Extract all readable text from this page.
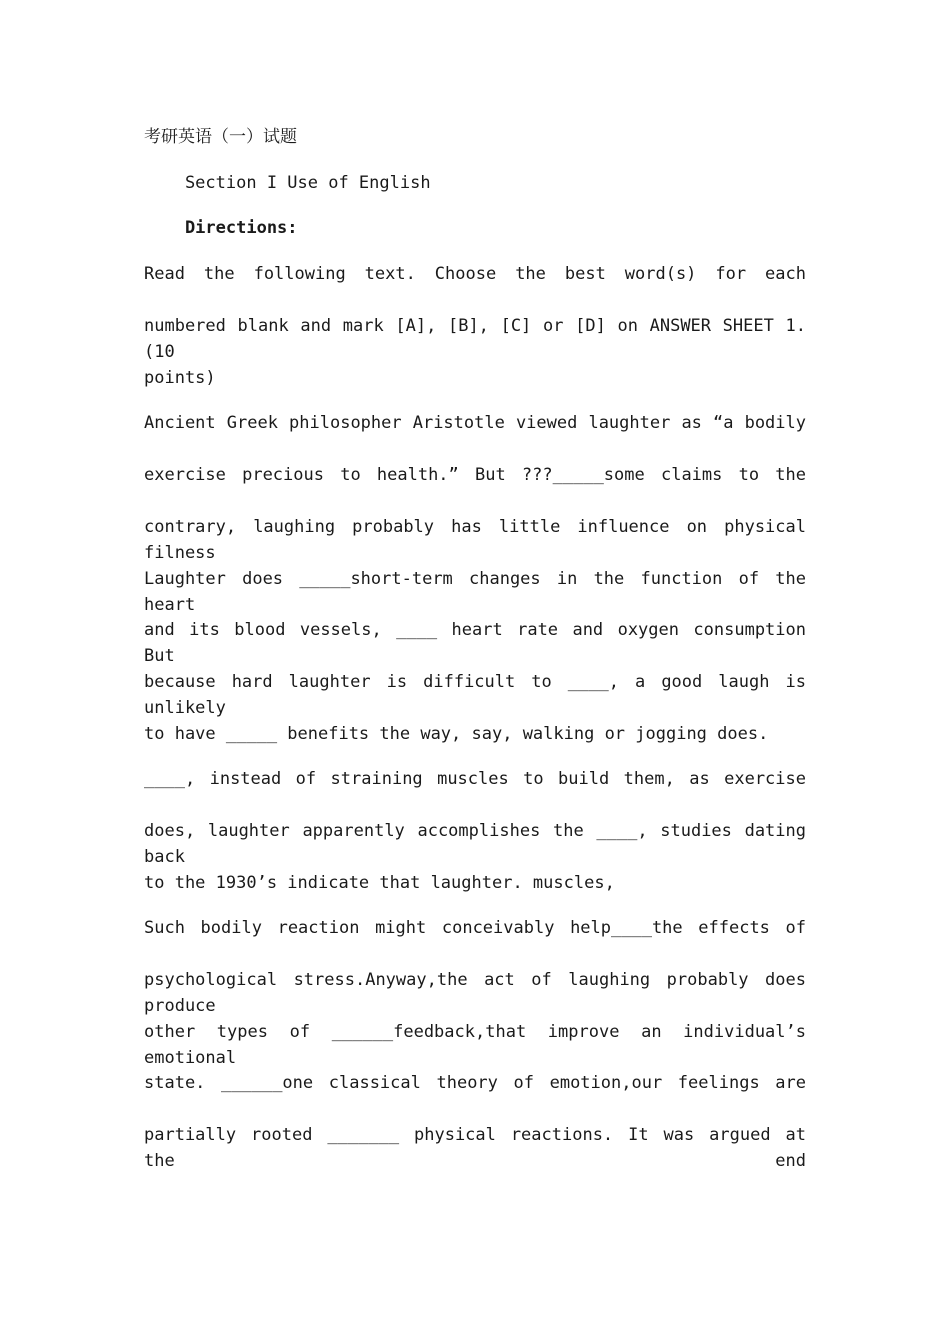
考研英语（一）试题

Section I Use of English

Directions:

Read the following text. Choose the best word(s) for each

numbered blank and mark [A], [B], [C] or [D] on ANSWER SHEET 1. (10

points)

Ancient Greek philosopher Aristotle viewed laughter as “a bodily

exercise precious to health.” But ???_____some claims to the

contrary, laughing probably has little influence on physical filness

Laughter does _____short-term changes in the function of the heart

and its blood vessels, ____ heart rate and oxygen consumption But

because hard laughter is difficult to ____, a good laugh is unlikely

to have _____ benefits the way, say, walking or jogging does.

____, instead of straining muscles to build them, as exercise

does, laughter apparently accomplishes the ____, studies dating back

to the 1930’s indicate that laughter. muscles,

Such bodily reaction might conceivably help____the effects of

psychological stress.Anyway,the act of laughing probably does produce

other types of ______feedback,that improve an individual’s emotional

state. ______one classical theory of emotion,our feelings are

partially rooted _______ physical reactions. It was argued at the end
